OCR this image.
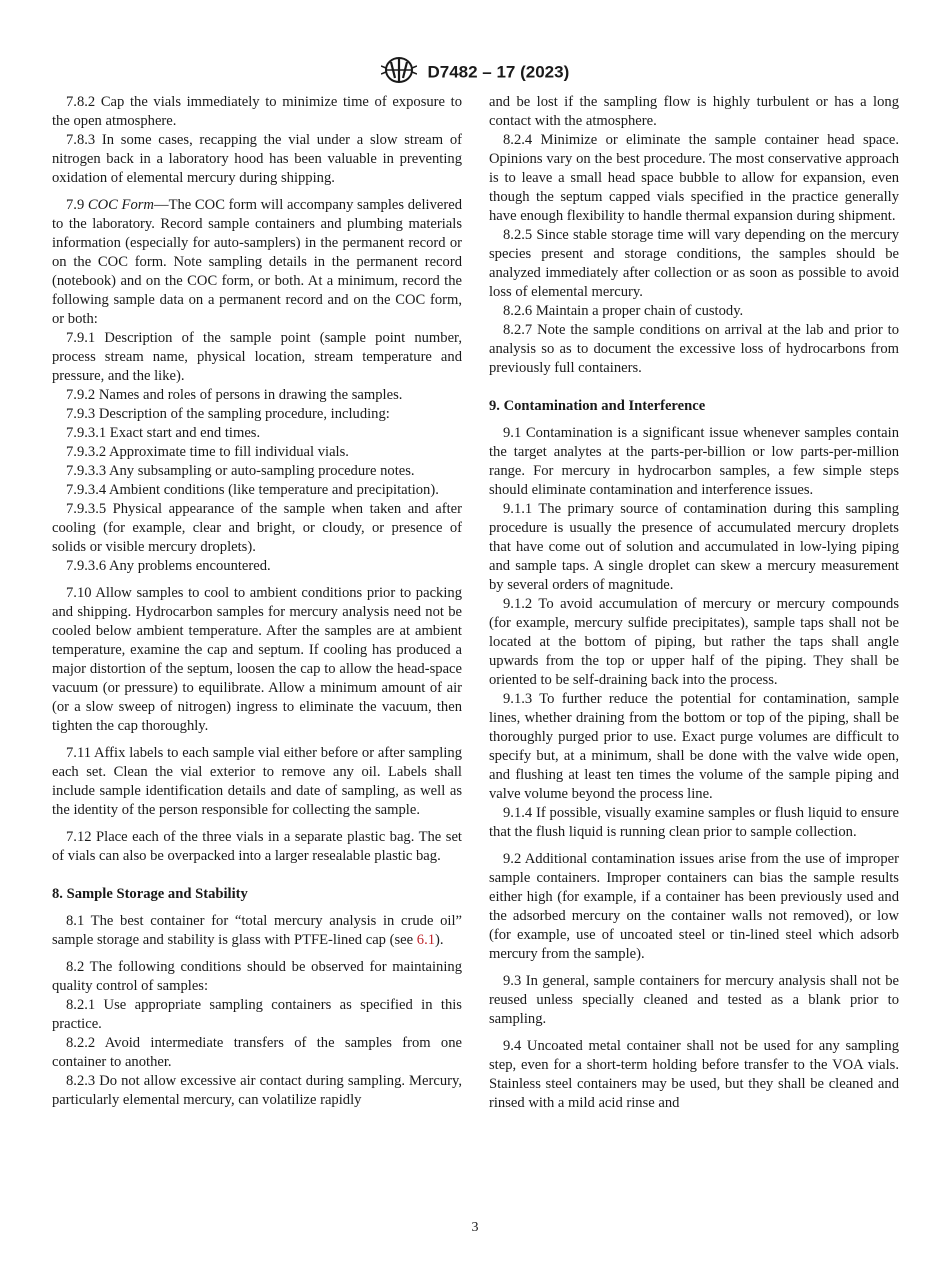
D7482 – 17 (2023)

7.8.2 Cap the vials immediately to minimize time of exposure to the open atmosphere.

7.8.3 In some cases, recapping the vial under a slow stream of nitrogen back in a laboratory hood has been valuable in preventing oxidation of elemental mercury during shipping.

7.9 COC Form—The COC form will accompany samples delivered to the laboratory. Record sample containers and plumbing materials information (especially for auto-samplers) in the permanent record or on the COC form. Note sampling details in the permanent record (notebook) and on the COC form, or both. At a minimum, record the following sample data on a permanent record and on the COC form, or both:

7.9.1 Description of the sample point (sample point number, process stream name, physical location, stream temperature and pressure, and the like).

7.9.2 Names and roles of persons in drawing the samples.

7.9.3 Description of the sampling procedure, including:

7.9.3.1 Exact start and end times.

7.9.3.2 Approximate time to fill individual vials.

7.9.3.3 Any subsampling or auto-sampling procedure notes.

7.9.3.4 Ambient conditions (like temperature and precipitation).

7.9.3.5 Physical appearance of the sample when taken and after cooling (for example, clear and bright, or cloudy, or presence of solids or visible mercury droplets).

7.9.3.6 Any problems encountered.

7.10 Allow samples to cool to ambient conditions prior to packing and shipping. Hydrocarbon samples for mercury analysis need not be cooled below ambient temperature. After the samples are at ambient temperature, examine the cap and septum. If cooling has produced a major distortion of the septum, loosen the cap to allow the head-space vacuum (or pressure) to equilibrate. Allow a minimum amount of air (or a slow sweep of nitrogen) ingress to eliminate the vacuum, then tighten the cap thoroughly.

7.11 Affix labels to each sample vial either before or after sampling each set. Clean the vial exterior to remove any oil. Labels shall include sample identification details and date of sampling, as well as the identity of the person responsible for collecting the sample.

7.12 Place each of the three vials in a separate plastic bag. The set of vials can also be overpacked into a larger resealable plastic bag.

8. Sample Storage and Stability

8.1 The best container for “total mercury analysis in crude oil” sample storage and stability is glass with PTFE-lined cap (see 6.1).

8.2 The following conditions should be observed for maintaining quality control of samples:

8.2.1 Use appropriate sampling containers as specified in this practice.

8.2.2 Avoid intermediate transfers of the samples from one container to another.

8.2.3 Do not allow excessive air contact during sampling. Mercury, particularly elemental mercury, can volatilize rapidly

and be lost if the sampling flow is highly turbulent or has a long contact with the atmosphere.

8.2.4 Minimize or eliminate the sample container head space. Opinions vary on the best procedure. The most conservative approach is to leave a small head space bubble to allow for expansion, even though the septum capped vials specified in the practice generally have enough flexibility to handle thermal expansion during shipment.

8.2.5 Since stable storage time will vary depending on the mercury species present and storage conditions, the samples should be analyzed immediately after collection or as soon as possible to avoid loss of elemental mercury.

8.2.6 Maintain a proper chain of custody.

8.2.7 Note the sample conditions on arrival at the lab and prior to analysis so as to document the excessive loss of hydrocarbons from previously full containers.

9. Contamination and Interference

9.1 Contamination is a significant issue whenever samples contain the target analytes at the parts-per-billion or low parts-per-million range. For mercury in hydrocarbon samples, a few simple steps should eliminate contamination and interference issues.

9.1.1 The primary source of contamination during this sampling procedure is usually the presence of accumulated mercury droplets that have come out of solution and accumulated in low-lying piping and sample taps. A single droplet can skew a mercury measurement by several orders of magnitude.

9.1.2 To avoid accumulation of mercury or mercury compounds (for example, mercury sulfide precipitates), sample taps shall not be located at the bottom of piping, but rather the taps shall angle upwards from the top or upper half of the piping. They shall be oriented to be self-draining back into the process.

9.1.3 To further reduce the potential for contamination, sample lines, whether draining from the bottom or top of the piping, shall be thoroughly purged prior to use. Exact purge volumes are difficult to specify but, at a minimum, shall be done with the valve wide open, and flushing at least ten times the volume of the sample piping and valve volume beyond the process line.

9.1.4 If possible, visually examine samples or flush liquid to ensure that the flush liquid is running clean prior to sample collection.

9.2 Additional contamination issues arise from the use of improper sample containers. Improper containers can bias the sample results either high (for example, if a container has been previously used and the adsorbed mercury on the container walls not removed), or low (for example, use of uncoated steel or tin-lined steel which adsorb mercury from the sample).

9.3 In general, sample containers for mercury analysis shall not be reused unless specially cleaned and tested as a blank prior to sampling.

9.4 Uncoated metal container shall not be used for any sampling step, even for a short-term holding before transfer to the VOA vials. Stainless steel containers may be used, but they shall be cleaned and rinsed with a mild acid rinse and

3
